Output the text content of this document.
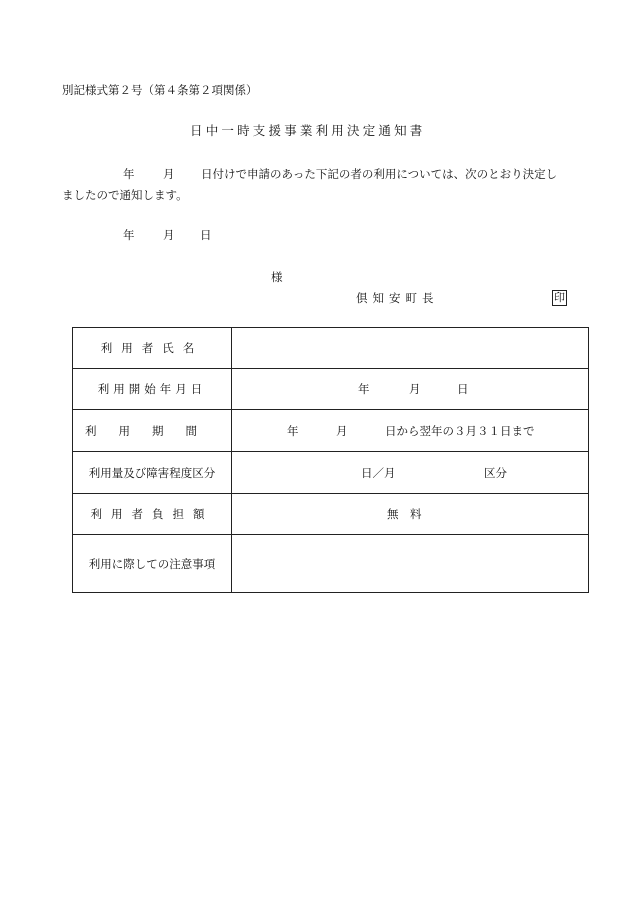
別記様式第２号（第４条第２項関係）
日中一時支援事業利用決定通知書
年 月 日付けで申請のあった下記の者の利用については、次のとおり決定し
ましたので通知します。
年 月 日
様
倶知安町長	印
利用者氏名	
利用開始年月日	年 月 日

利用期間	年 月 日から翌年の３月３１日まで

利用量及び障害程度区分	日／月 区分

利用者負担額	無　料

利用に際しての注意事項	
